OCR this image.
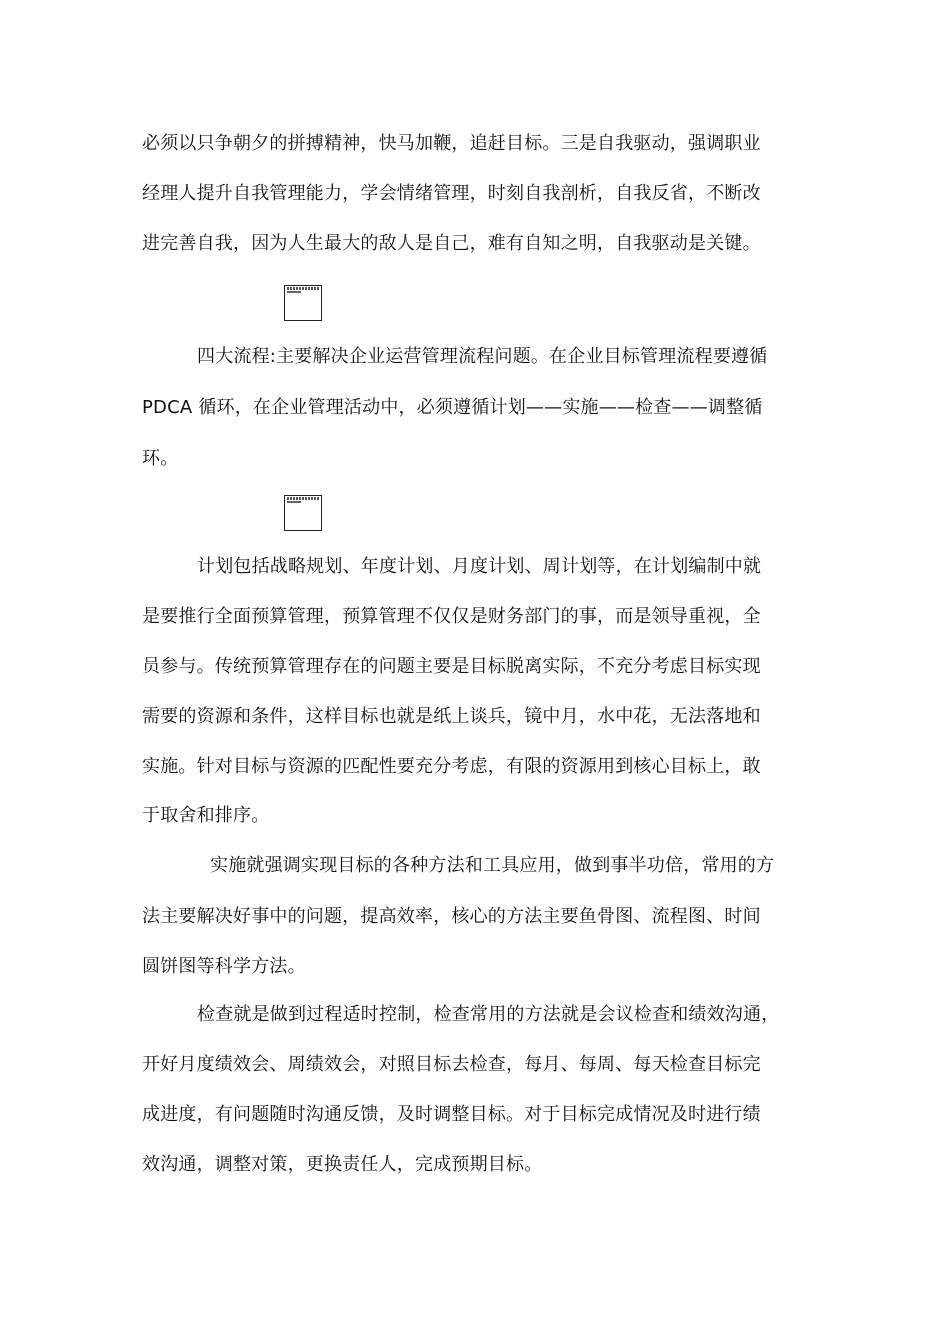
必须以只争朝夕的拼搏精神，快马加鞭，追赶目标。三是自我驱动，强调职业
经理人提升自我管理能力，学会情绪管理，时刻自我剖析，自我反省，不断改
进完善自我，因为人生最大的敌人是自己，难有自知之明，自我驱动是关键。
四大流程:主要解决企业运营管理流程问题。在企业目标管理流程要遵循
PDCA 循环，在企业管理活动中，必须遵循计划——实施——检查——调整循
环。
计划包括战略规划、年度计划、月度计划、周计划等，在计划编制中就
是要推行全面预算管理，预算管理不仅仅是财务部门的事，而是领导重视，全
员参与。传统预算管理存在的问题主要是目标脱离实际，不充分考虑目标实现
需要的资源和条件，这样目标也就是纸上谈兵，镜中月，水中花，无法落地和
实施。针对目标与资源的匹配性要充分考虑，有限的资源用到核心目标上，敢
于取舍和排序。
实施就强调实现目标的各种方法和工具应用，做到事半功倍，常用的方
法主要解决好事中的问题，提高效率，核心的方法主要鱼骨图、流程图、时间
圆饼图等科学方法。
检查就是做到过程适时控制，检查常用的方法就是会议检查和绩效沟通，
开好月度绩效会、周绩效会，对照目标去检查，每月、每周、每天检查目标完
成进度，有问题随时沟通反馈，及时调整目标。对于目标完成情况及时进行绩
效沟通，调整对策，更换责任人，完成预期目标。
